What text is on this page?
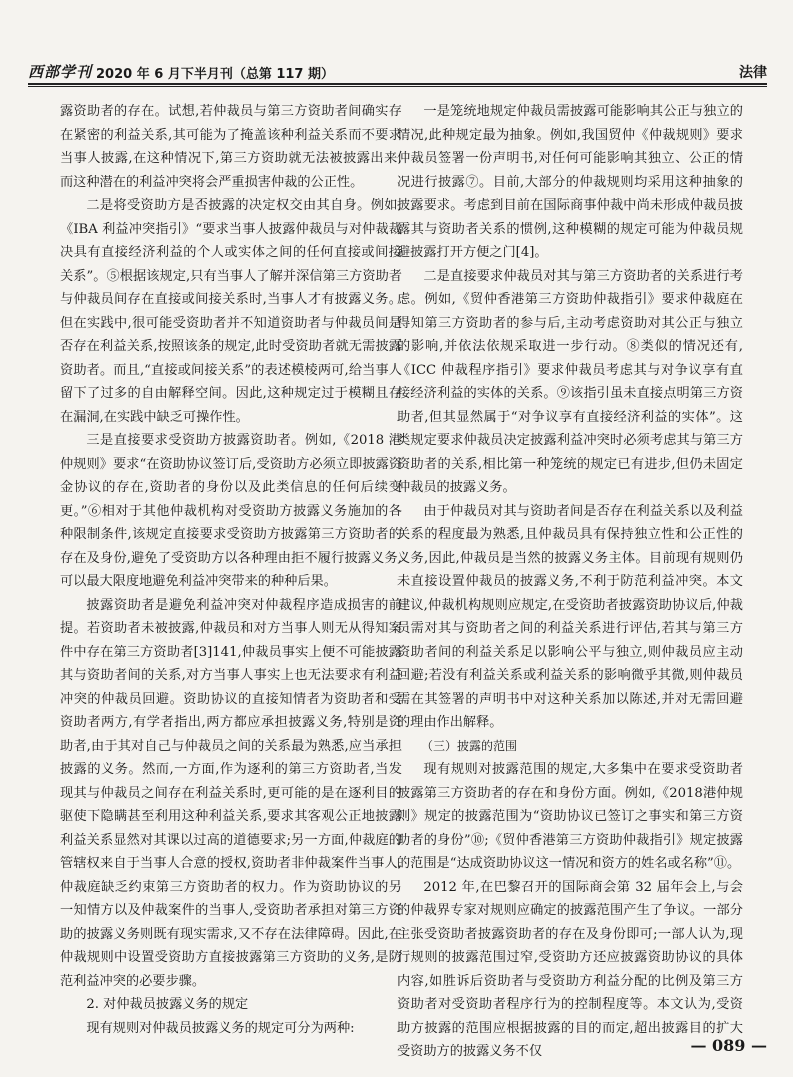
西部学刊 2020 年 6 月下半月刊（总第 117 期）	法律

露资助者的存在。试想,若仲裁员与第三方资助者间确实存在紧密的利益关系,其可能为了掩盖该种利益关系而不要求当事人披露,在这种情况下,第三方资助就无法被披露出来,而这种潜在的利益冲突将会严重损害仲裁的公正性。

二是将受资助方是否披露的决定权交由其自身。例如,《IBA 利益冲突指引》“要求当事人披露仲裁员与对仲裁裁决具有直接经济利益的个人或实体之间的任何直接或间接关系”。⑤根据该规定,只有当事人了解并深信第三方资助者与仲裁员间存在直接或间接关系时,当事人才有披露义务。但在实践中,很可能受资助者并不知道资助者与仲裁员间是否存在利益关系,按照该条的规定,此时受资助者就无需披露资助者。而且,“直接或间接关系”的表述模棱两可,给当事人留下了过多的自由解释空间。因此,这种规定过于模糊且存在漏洞,在实践中缺乏可操作性。

三是直接要求受资助方披露资助者。例如,《2018 港仲规则》要求“在资助协议签订后,受资助方必须立即披露资金协议的存在,资助者的身份以及此类信息的任何后续变更。”⑥相对于其他仲裁机构对受资助方披露义务施加的各种限制条件,该规定直接要求受资助方披露第三方资助者的存在及身份,避免了受资助方以各种理由拒不履行披露义务,可以最大限度地避免利益冲突带来的种种后果。

披露资助者是避免利益冲突对仲裁程序造成损害的前提。若资助者未被披露,仲裁员和对方当事人则无从得知案件中存在第三方资助者[3]141,仲裁员事实上便不可能披露其与资助者间的关系,对方当事人事实上也无法要求有利益冲突的仲裁员回避。资助协议的直接知情者为资助者和受资助者两方,有学者指出,两方都应承担披露义务,特别是资助者,由于其对自己与仲裁员之间的关系最为熟悉,应当承担披露的义务。然而,一方面,作为逐利的第三方资助者,当发现其与仲裁员之间存在利益关系时,更可能的是在逐利目的驱使下隐瞒甚至利用这种利益关系,要求其客观公正地披露利益关系显然对其课以过高的道德要求;另一方面,仲裁庭的管辖权来自于当事人合意的授权,资助者非仲裁案件当事人,仲裁庭缺乏约束第三方资助者的权力。作为资助协议的另一知情方以及仲裁案件的当事人,受资助者承担对第三方资助的披露义务则既有现实需求,又不存在法律障碍。因此,在仲裁规则中设置受资助方直接披露第三方资助的义务,是防范利益冲突的必要步骤。

2. 对仲裁员披露义务的规定

现有规则对仲裁员披露义务的规定可分为两种:

一是笼统地规定仲裁员需披露可能影响其公正与独立的情况,此种规定最为抽象。例如,我国贸仲《仲裁规则》要求仲裁员签署一份声明书,对任何可能影响其独立、公正的情况进行披露⑦。目前,大部分的仲裁规则均采用这种抽象的披露要求。考虑到目前在国际商事仲裁中尚未形成仲裁员披露其与资助者关系的惯例,这种模糊的规定可能为仲裁员规避披露打开方便之门[4]。

二是直接要求仲裁员对其与第三方资助者的关系进行考虑。例如,《贸仲香港第三方资助仲裁指引》要求仲裁庭在得知第三方资助者的参与后,主动考虑资助对其公正与独立的影响,并依法依规采取进一步行动。⑧类似的情况还有,《ICC 仲裁程序指引》要求仲裁员考虑其与对争议享有直接经济利益的实体的关系。⑨该指引虽未直接点明第三方资助者,但其显然属于“对争议享有直接经济利益的实体”。这类规定要求仲裁员决定披露利益冲突时必须考虑其与第三方资助者的关系,相比第一种笼统的规定已有进步,但仍未固定仲裁员的披露义务。

由于仲裁员对其与资助者间是否存在利益关系以及利益关系的程度最为熟悉,且仲裁员具有保持独立性和公正性的义务,因此,仲裁员是当然的披露义务主体。目前现有规则仍未直接设置仲裁员的披露义务,不利于防范利益冲突。本文建议,仲裁机构规则应规定,在受资助者披露资助协议后,仲裁员需对其与资助者之间的利益关系进行评估,若其与第三方资助者间的利益关系足以影响公平与独立,则仲裁员应主动回避;若没有利益关系或利益关系的影响微乎其微,则仲裁员需在其签署的声明书中对这种关系加以陈述,并对无需回避的理由作出解释。

（三）披露的范围

现有规则对披露范围的规定,大多集中在要求受资助者披露第三方资助者的存在和身份方面。例如,《2018港仲规则》规定的披露范围为“资助协议已签订之事实和第三方资助者的身份”⑩;《贸仲香港第三方资助仲裁指引》规定披露的范围是“达成资助协议这一情况和资方的姓名或名称”⑪。

2012 年,在巴黎召开的国际商会第 32 届年会上,与会的仲裁界专家对规则应确定的披露范围产生了争议。一部分主张受资助者披露资助者的存在及身份即可;一部人认为,现行规则的披露范围过窄,受资助方还应披露资助协议的具体内容,如胜诉后资助者与受资助方利益分配的比例及第三方资助者对受资助者程序行为的控制程度等。本文认为,受资助方披露的范围应根据披露的目的而定,超出披露目的扩大受资助方的披露义务不仅	— 089 —
